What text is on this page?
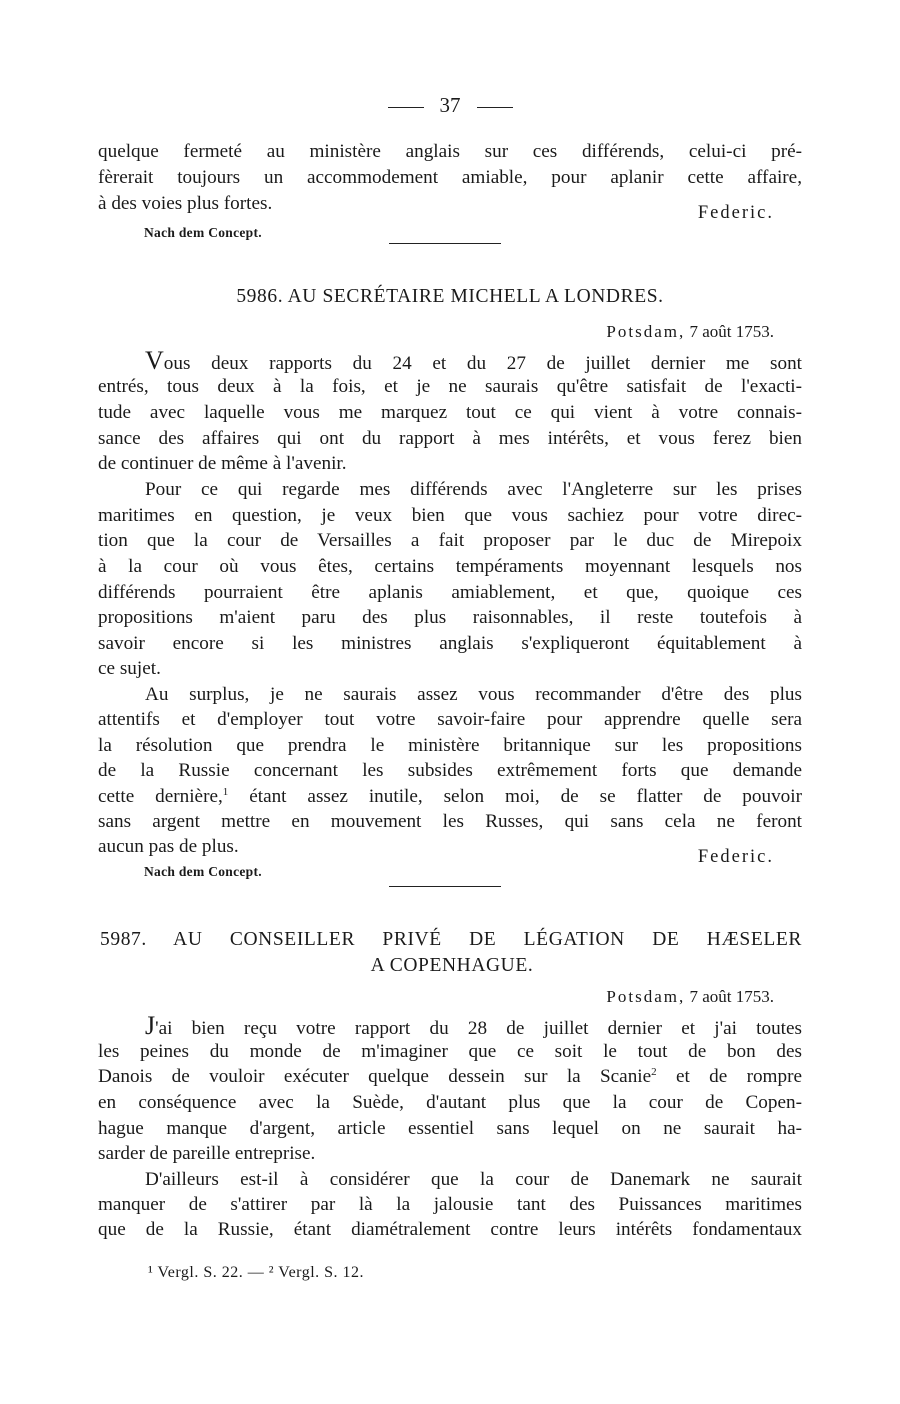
37
quelque fermeté au ministère anglais sur ces différends, celui-ci pré-
fèrerait toujours un accommodement amiable, pour aplanir cette affaire,
à des voies plus fortes.	Federic.
Nach dem Concept.
5986. AU SECRÉTAIRE MICHELL A LONDRES.
Potsdam, 7 août 1753.
Vous deux rapports du 24 et du 27 de juillet dernier me sont
entrés, tous deux à la fois, et je ne saurais qu'être satisfait de l'exacti-
tude avec laquelle vous me marquez tout ce qui vient à votre connais-
sance des affaires qui ont du rapport à mes intérêts, et vous ferez bien
de continuer de même à l'avenir.
Pour ce qui regarde mes différends avec l'Angleterre sur les prises
maritimes en question, je veux bien que vous sachiez pour votre direc-
tion que la cour de Versailles a fait proposer par le duc de Mirepoix
à la cour où vous êtes, certains tempéraments moyennant lesquels nos
différends pourraient être aplanis amiablement, et que, quoique ces
propositions m'aient paru des plus raisonnables, il reste toutefois à
savoir encore si les ministres anglais s'expliqueront équitablement à
ce sujet.
Au surplus, je ne saurais assez vous recommander d'être des plus
attentifs et d'employer tout votre savoir-faire pour apprendre quelle sera
la résolution que prendra le ministère britannique sur les propositions
de la Russie concernant les subsides extrêmement forts que demande
cette dernière,$^1$ étant assez inutile, selon moi, de se flatter de pouvoir
sans argent mettre en mouvement les Russes, qui sans cela ne feront
aucun pas de plus.	Federic.
Nach dem Concept.
5987. AU CONSEILLER PRIVÉ DE LÉGATION DE HÆSELER
A COPENHAGUE.
Potsdam, 7 août 1753.
J'ai bien reçu votre rapport du 28 de juillet dernier et j'ai toutes
les peines du monde de m'imaginer que ce soit le tout de bon des
Danois de vouloir exécuter quelque dessein sur la Scanie$^2$ et de rompre
en conséquence avec la Suède, d'autant plus que la cour de Copen-
hague manque d'argent, article essentiel sans lequel on ne saurait ha-
sarder de pareille entreprise.
D'ailleurs est-il à considérer que la cour de Danemark ne saurait
manquer de s'attirer par là la jalousie tant des Puissances maritimes
que de la Russie, étant diamétralement contre leurs intérêts fondamentaux
¹ Vergl. S. 22. — ² Vergl. S. 12.
